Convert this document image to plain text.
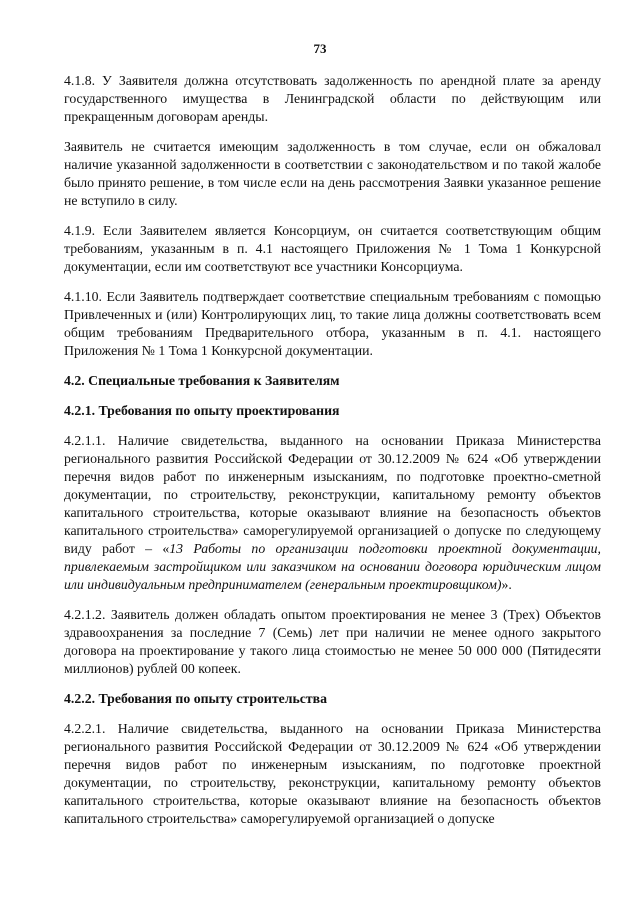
73

4.1.8. У Заявителя должна отсутствовать задолженность по арендной плате за аренду государственного имущества в Ленинградской области по действующим или прекращенным договорам аренды.

Заявитель не считается имеющим задолженность в том случае, если он обжаловал наличие указанной задолженности в соответствии с законодательством и по такой жалобе было принято решение, в том числе если на день рассмотрения Заявки указанное решение не вступило в силу.

4.1.9. Если Заявителем является Консорциум, он считается соответствующим общим требованиям, указанным в п. 4.1 настоящего Приложения № 1 Тома 1 Конкурсной документации, если им соответствуют все участники Консорциума.

4.1.10. Если Заявитель подтверждает соответствие специальным требованиям с помощью Привлеченных и (или) Контролирующих лиц, то такие лица должны соответствовать всем общим требованиям Предварительного отбора, указанным в п. 4.1. настоящего Приложения № 1 Тома 1 Конкурсной документации.

4.2. Специальные требования к Заявителям
4.2.1. Требования по опыту проектирования

4.2.1.1. Наличие свидетельства, выданного на основании Приказа Министерства регионального развития Российской Федерации от 30.12.2009 № 624 «Об утверждении перечня видов работ по инженерным изысканиям, по подготовке проектно-сметной документации, по строительству, реконструкции, капитальному ремонту объектов капитального строительства, которые оказывают влияние на безопасность объектов капитального строительства» саморегулируемой организацией о допуске по следующему виду работ – «13 Работы по организации подготовки проектной документации, привлекаемым застройщиком или заказчиком на основании договора юридическим лицом или индивидуальным предпринимателем (генеральным проектировщиком)».

4.2.1.2. Заявитель должен обладать опытом проектирования не менее 3 (Трех) Объектов здравоохранения за последние 7 (Семь) лет при наличии не менее одного закрытого договора на проектирование у такого лица стоимостью не менее 50 000 000 (Пятидесяти миллионов) рублей 00 копеек.

4.2.2. Требования по опыту строительства

4.2.2.1. Наличие свидетельства, выданного на основании Приказа Министерства регионального развития Российской Федерации от 30.12.2009 № 624 «Об утверждении перечня видов работ по инженерным изысканиям, по подготовке проектной документации, по строительству, реконструкции, капитальному ремонту объектов капитального строительства, которые оказывают влияние на безопасность объектов капитального строительства» саморегулируемой организацией о допуске
